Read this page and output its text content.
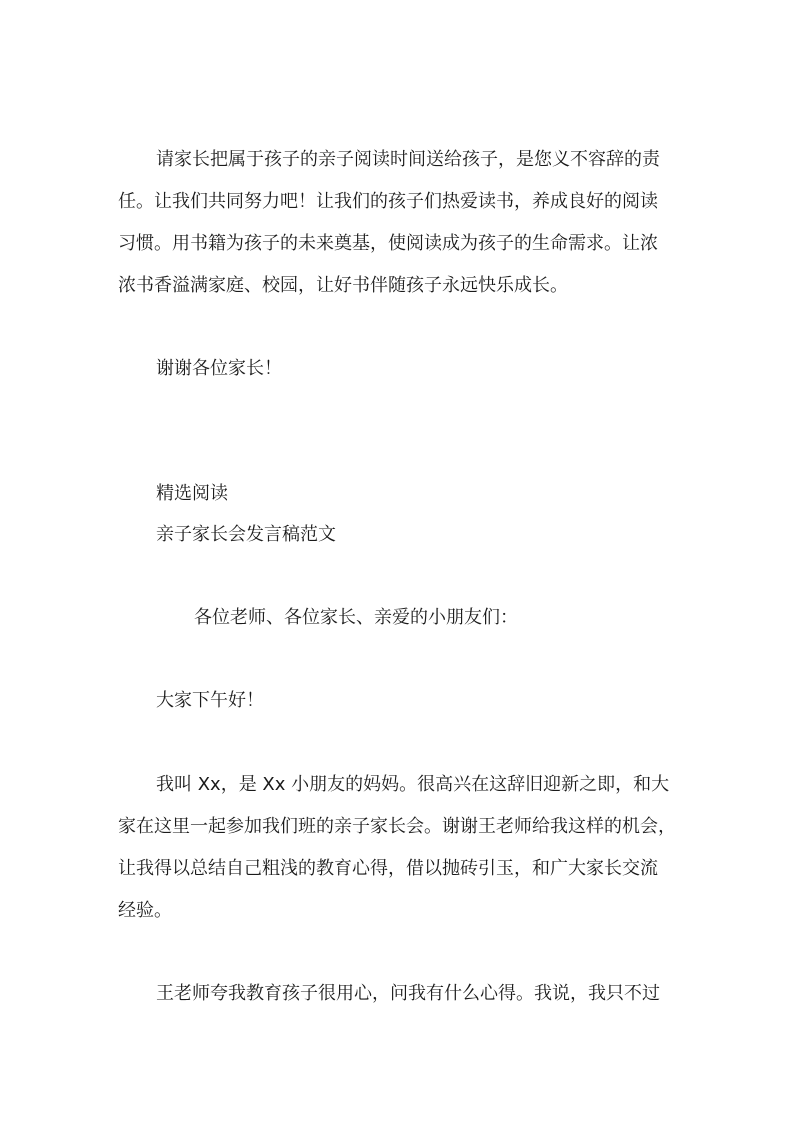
请家长把属于孩子的亲子阅读时间送给孩子，是您义不容辞的责
任。让我们共同努力吧！让我们的孩子们热爱读书，养成良好的阅读
习惯。用书籍为孩子的未来奠基，使阅读成为孩子的生命需求。让浓
浓书香溢满家庭、校园，让好书伴随孩子永远快乐成长。
谢谢各位家长！
精选阅读
亲子家长会发言稿范文
各位老师、各位家长、亲爱的小朋友们：
大家下午好！
我叫 Xx，是 Xx 小朋友的妈妈。很高兴在这辞旧迎新之即，和大
家在这里一起参加我们班的亲子家长会。谢谢王老师给我这样的机会，
让我得以总结自己粗浅的教育心得，借以抛砖引玉，和广大家长交流
经验。
王老师夸我教育孩子很用心，问我有什么心得。我说，我只不过
